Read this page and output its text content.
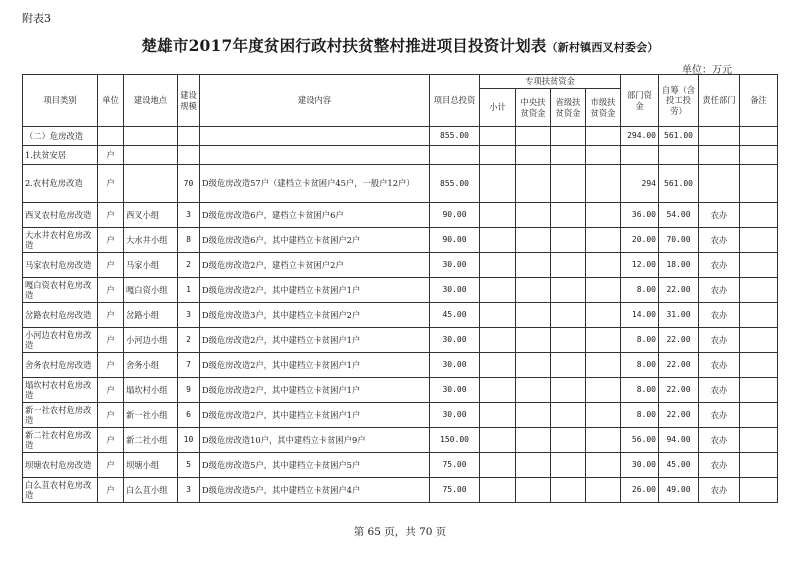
附表3
楚雄市2017年度贫困行政村扶贫整村推进项目投资计划表（新村镇西叉村委会）
单位：万元
项目类别	单位	建设地点	建设规模	建设内容	项目总投资	专项扶贫资金				部门资金	自筹（含投工投劳）	责任部门	备注
						小计	中央扶贫资金	省级扶贫资金	市级扶贫资金				
（二）危房改造					855.00					294.00	561.00		
1.扶贫安居	户												
2.农村危房改造	户		70	D级危房改造57户（建档立卡贫困户45户，一般户12户）	855.00					294	561.00		
西叉农村危房改造	户	西叉小组	3	D级危房改造6户，建档立卡贫困户6户	90.00					36.00	54.00	农办	
大水井农村危房改造	户	大水井小组	8	D级危房改造6户，其中建档立卡贫困户2户	90.00					20.00	70.00	农办	
马家农村危房改造	户	马家小组	2	D级危房改造2户，建档立卡贫困户2户	30.00					12.00	18.00	农办	
嘎白资农村危房改造	户	嘎白资小组	1	D级危房改造2户，其中建档立卡贫困户1户	30.00					8.00	22.00	农办	
岔路农村危房改造	户	岔路小组	3	D级危房改造3户，其中建档立卡贫困户2户	45.00					14.00	31.00	农办	
小河边农村危房改造	户	小河边小组	2	D级危房改造2户，其中建档立卡贫困户1户	30.00					8.00	22.00	农办	
舍务农村危房改造	户	舍务小组	7	D级危房改造2户，其中建档立卡贫困户1户	30.00					8.00	22.00	农办	
塌坎村农村危房改造	户	塌坎村小组	9	D级危房改造2户，其中建档立卡贫困户1户	30.00					8.00	22.00	农办	
新一社农村危房改造	户	新一社小组	6	D级危房改造2户，其中建档立卡贫困户1户	30.00					8.00	22.00	农办	
新二社农村危房改造	户	新二社小组	10	D级危房改造10户，其中建档立卡贫困户9户	150.00					56.00	94.00	农办	
坝塘农村危房改造	户	坝塘小组	5	D级危房改造5户，其中建档立卡贫困户5户	75.00					30.00	45.00	农办	
白么苴农村危房改造	户	白么苴小组	3	D级危房改造5户，其中建档立卡贫困户4户	75.00					26.00	49.00	农办	
第 65 页，共 70 页
